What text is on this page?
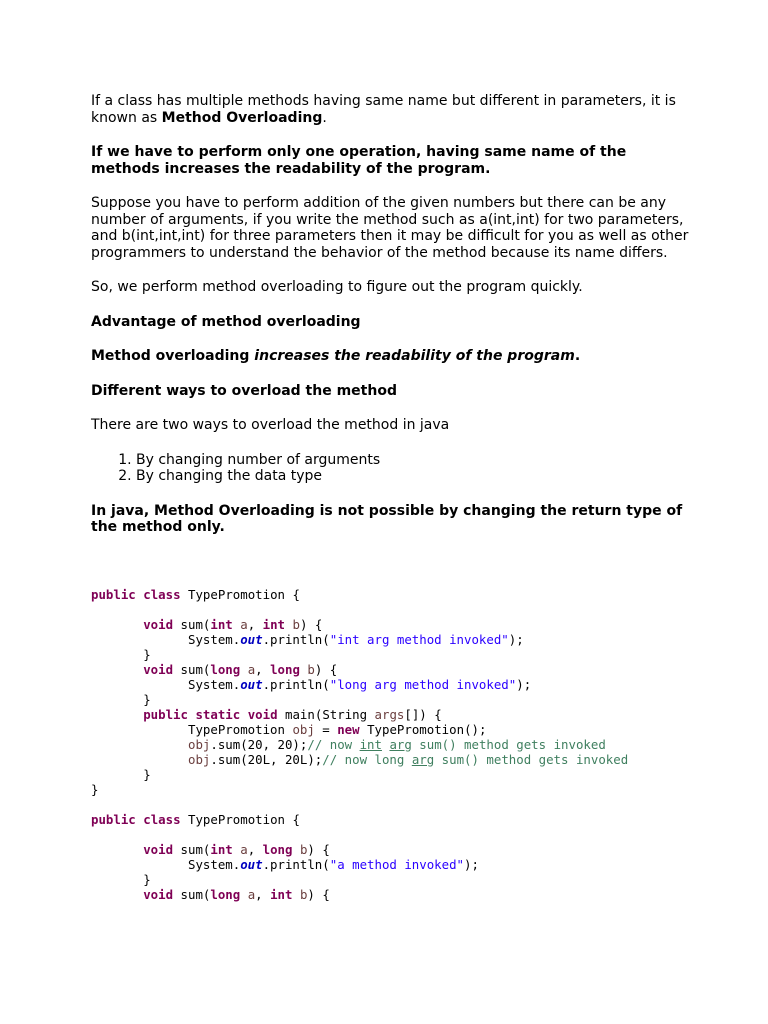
If a class has multiple methods having same name but different in parameters, it is known as Method Overloading.

If we have to perform only one operation, having same name of the methods increases the readability of the program.

Suppose you have to perform addition of the given numbers but there can be any number of arguments, if you write the method such as a(int,int) for two parameters, and b(int,int,int) for three parameters then it may be difficult for you as well as other programmers to understand the behavior of the method because its name differs.

So, we perform method overloading to figure out the program quickly.

Advantage of method overloading

Method overloading increases the readability of the program.

Different ways to overload the method

There are two ways to overload the method in java

1. By changing number of arguments
2. By changing the data type

In java, Method Overloading is not possible by changing the return type of the method only.

public class TypePromotion {

void sum(int a, int b) {
System.out.println("int arg method invoked");
}
void sum(long a, long b) {
System.out.println("long arg method invoked");
}
public static void main(String args[]) {
TypePromotion obj = new TypePromotion();
obj.sum(20, 20);// now int arg sum() method gets invoked
obj.sum(20L, 20L);// now long arg sum() method gets invoked
}
}
public class TypePromotion {

void sum(int a, long b) {
System.out.println("a method invoked");
}
void sum(long a, int b) {
